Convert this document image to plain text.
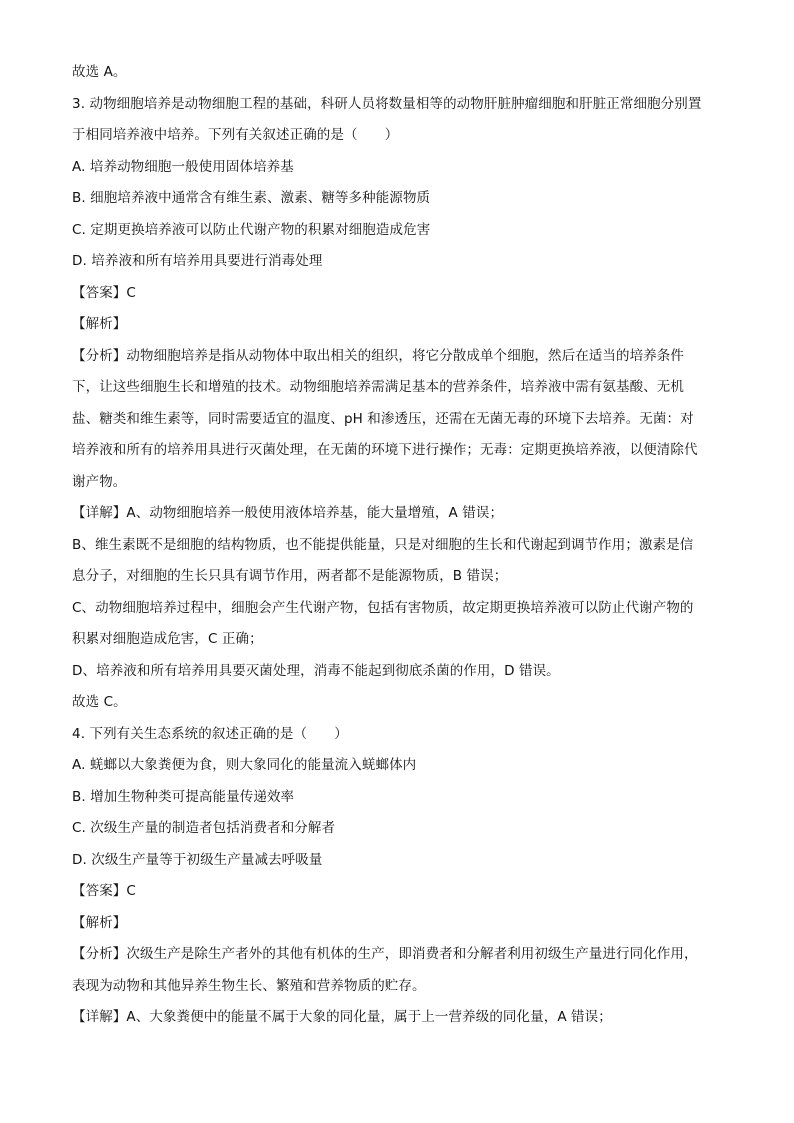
故选 A。
3. 动物细胞培养是动物细胞工程的基础，科研人员将数量相等的动物肝脏肿瘤细胞和肝脏正常细胞分别置
于相同培养液中培养。下列有关叙述正确的是（　　）
A. 培养动物细胞一般使用固体培养基
B. 细胞培养液中通常含有维生素、激素、糖等多种能源物质
C. 定期更换培养液可以防止代谢产物的积累对细胞造成危害
D. 培养液和所有培养用具要进行消毒处理
【答案】C
【解析】
【分析】动物细胞培养是指从动物体中取出相关的组织，将它分散成单个细胞，然后在适当的培养条件
下，让这些细胞生长和增殖的技术。动物细胞培养需满足基本的营养条件，培养液中需有氨基酸、无机
盐、糖类和维生素等，同时需要适宜的温度、pH 和渗透压，还需在无菌无毒的环境下去培养。无菌：对
培养液和所有的培养用具进行灭菌处理，在无菌的环境下进行操作；无毒：定期更换培养液，以便清除代
谢产物。
【详解】A、动物细胞培养一般使用液体培养基，能大量增殖，A 错误；
B、维生素既不是细胞的结构物质，也不能提供能量，只是对细胞的生长和代谢起到调节作用；激素是信
息分子，对细胞的生长只具有调节作用，两者都不是能源物质，B 错误；
C、动物细胞培养过程中，细胞会产生代谢产物，包括有害物质，故定期更换培养液可以防止代谢产物的
积累对细胞造成危害，C 正确；
D、培养液和所有培养用具要灭菌处理，消毒不能起到彻底杀菌的作用，D 错误。
故选 C。
4. 下列有关生态系统的叙述正确的是（　　）
A. 蜣螂以大象粪便为食，则大象同化的能量流入蜣螂体内
B. 增加生物种类可提高能量传递效率
C. 次级生产量的制造者包括消费者和分解者
D. 次级生产量等于初级生产量减去呼吸量
【答案】C
【解析】
【分析】次级生产是除生产者外的其他有机体的生产，即消费者和分解者利用初级生产量进行同化作用，
表现为动物和其他异养生物生长、繁殖和营养物质的贮存。
【详解】A、大象粪便中的能量不属于大象的同化量，属于上一营养级的同化量，A 错误；
